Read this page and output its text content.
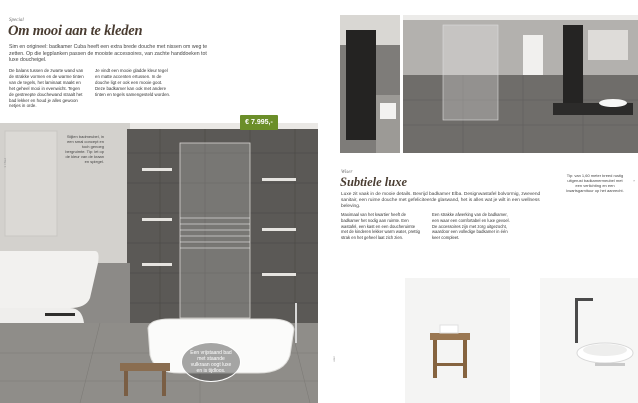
Special
Om mooi aan te kleden
Sim en origineel: badkamer Cuba heeft een extra brede douche met nissen om weg te zetten. Op die legplanken passen de mooiste accessoires, van zachte handdoeken tot luxe doucheigel.
De balans tussen de zwarte wand van de strakke vormen en de warme tinten van de tegels, het laminaat maakt en het geheel mooi in evenwicht. Tegen de gestreepte douchewand straalt het bad lekker en houd je alles gewoon netjes in orde.
Je vindt een mooie gladde kleur tegel en matte accenten ertussen. In de douche ligt er ook een mooie goot. Deze badkamer kan ook met andere tinten en tegels samengesteld worden.
€ 7.995,-
Stijlen badmeubel, in een smal concept en toch genoeg bergruimte. Tip: let op de kleur van de kraan en spiegel.
Een vrijstaand bad met staande vulkraan oogt luxe en is tijdloos.
3 / Bad
Wiser
Subtiele luxe
Luxe zit vaak in de mooie details. Bevrijd badkamer Elba. Designwastafel bolvormig, zwevend sanitair, een ruime douche met gefeliciteerde glaswand, het is alles wat je wilt in een wellness beleving.
Maximaal van het kwartier heeft de badkamer het nodig aan ruimte. Een wastafel, een kast en een doucheruimte met de kinderen lekker warm water, prettig strak en het geheel laat zich zien.
Een strakke afwerking van de badkamer, een waar een comfortabel en luxe gevoel. De accessoires zijn met zorg uitgezocht, waardoor een volledige badkamer in één keer compleet.
Tip: van 1,60 meter breed rustig uitgerust badkamermeubel met een verlichting en een kwartsgarnituur op het aanrecht.
elan
3
